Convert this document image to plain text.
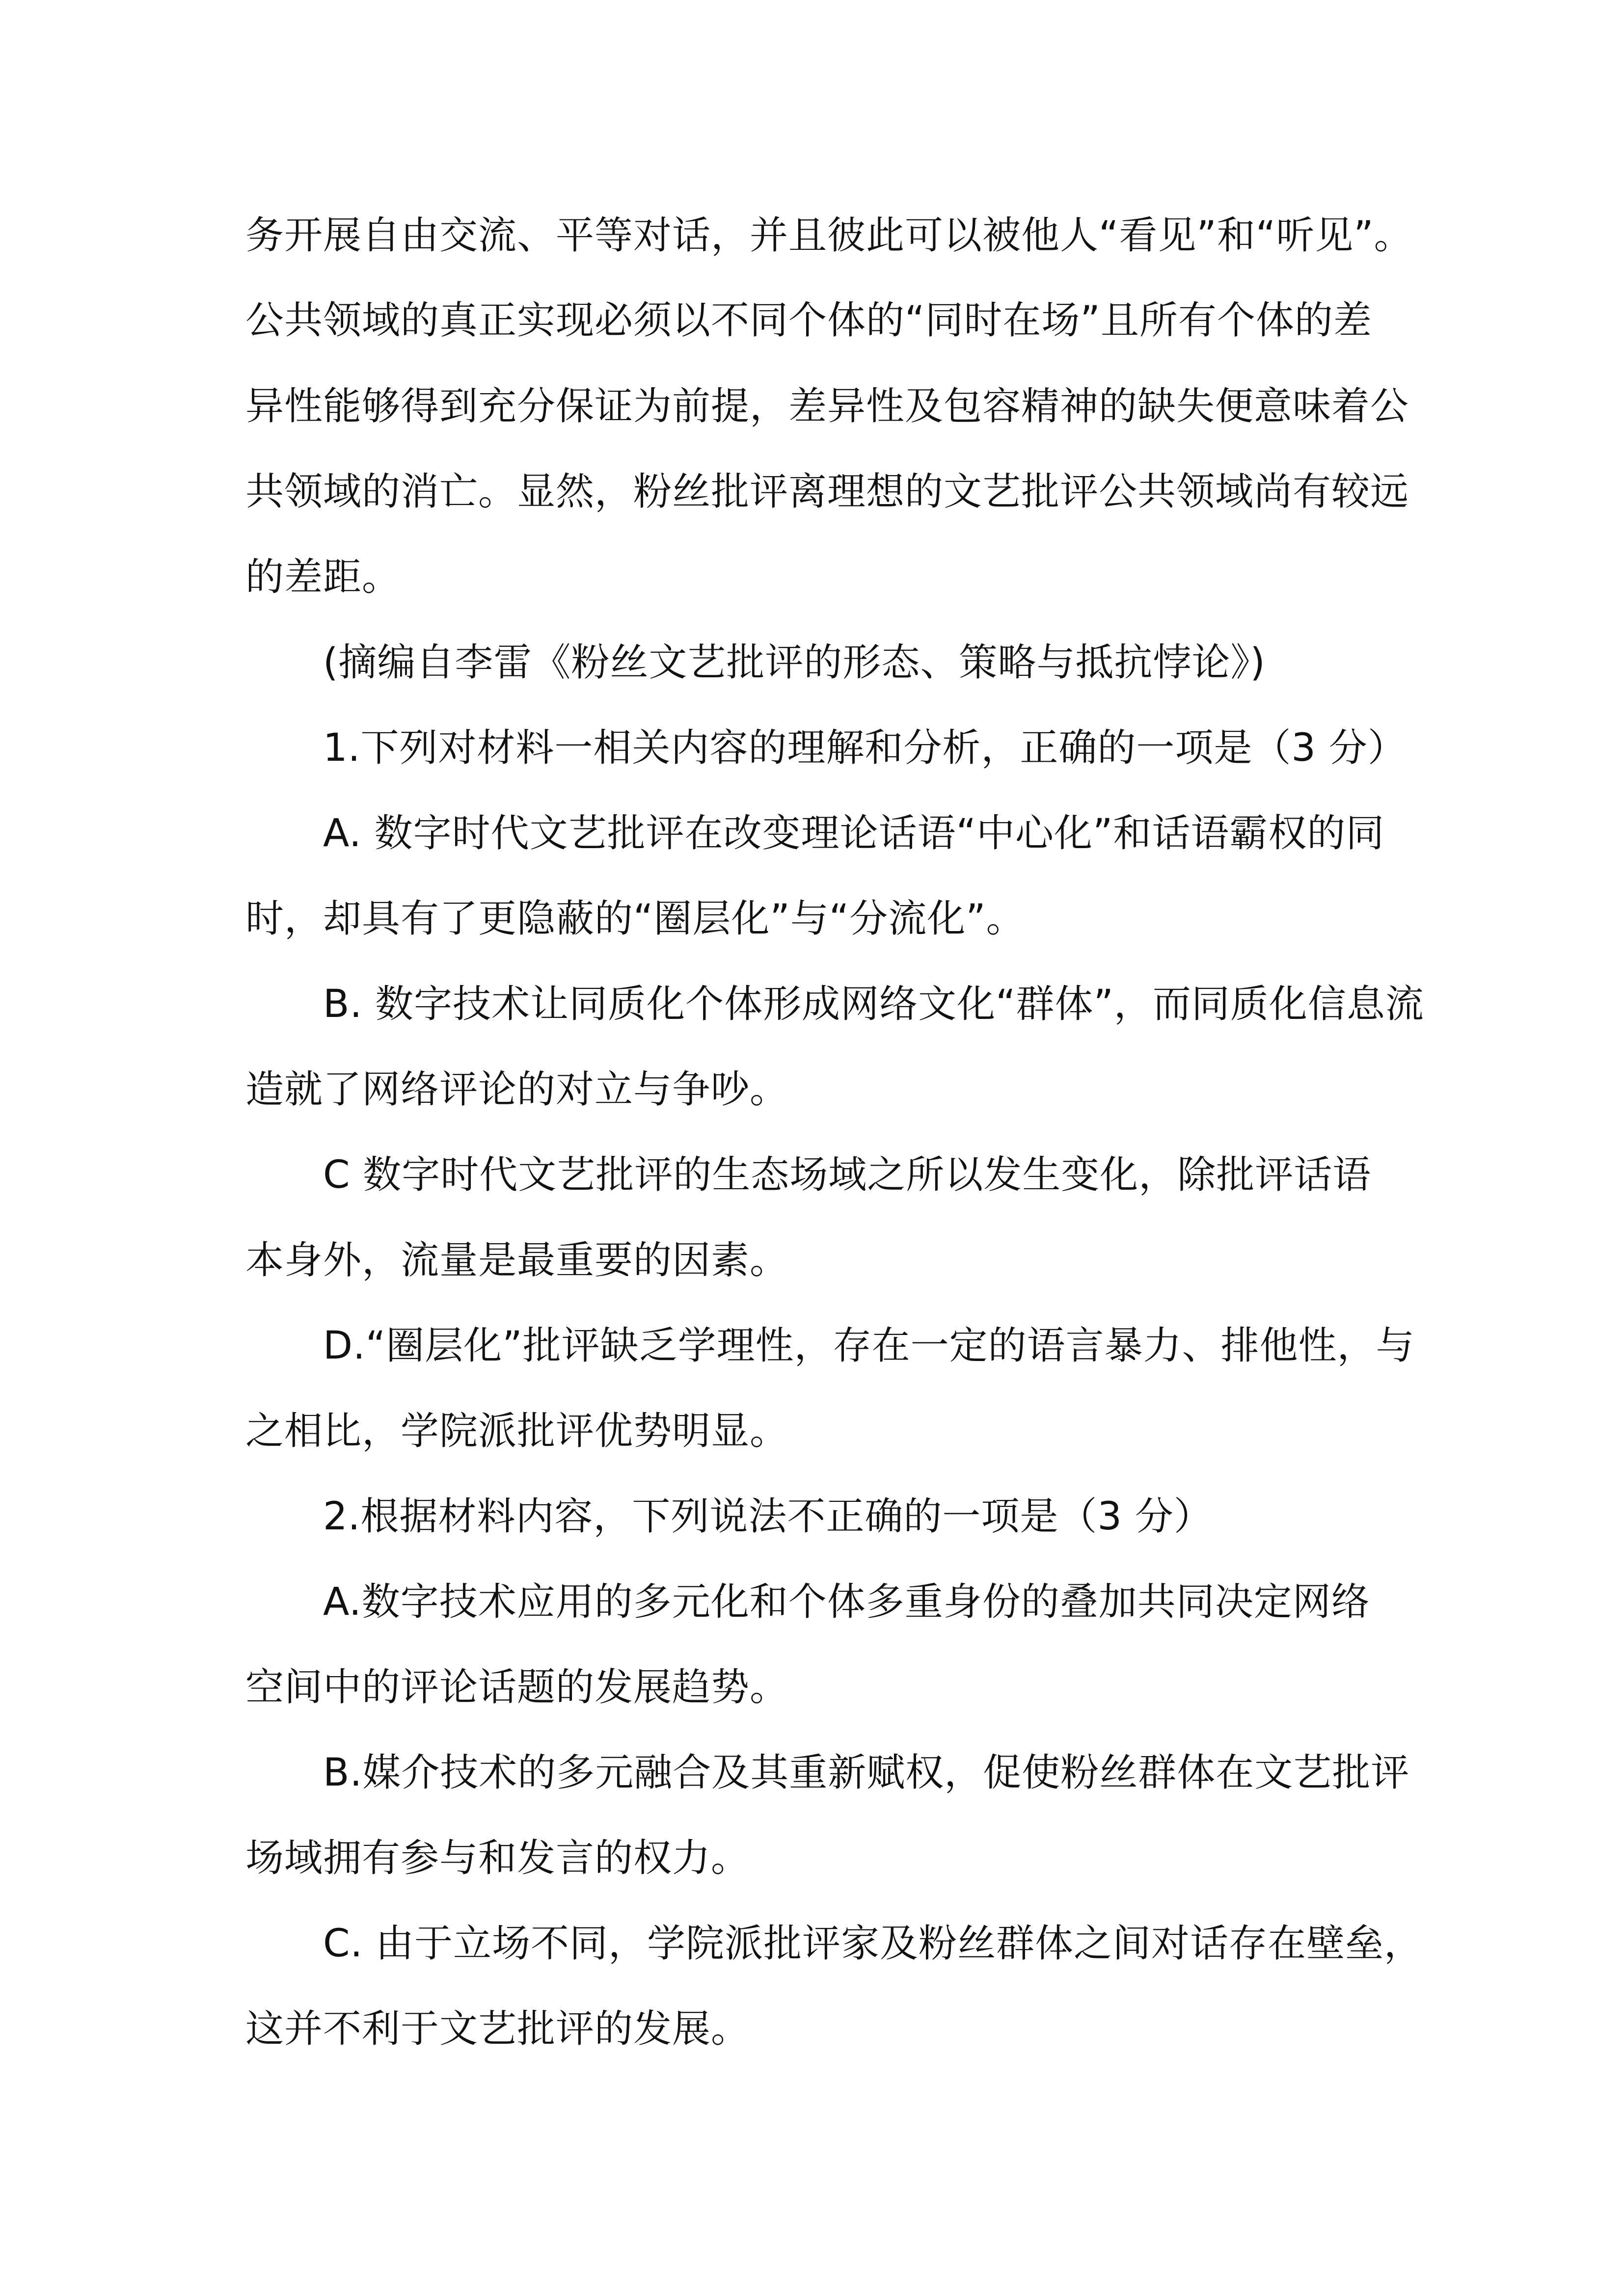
务开展自由交流、平等对话，并且彼此可以被他人“看见”和“听见”。
公共领域的真正实现必须以不同个体的“同时在场”且所有个体的差
异性能够得到充分保证为前提，差异性及包容精神的缺失便意味着公
共领域的消亡。显然，粉丝批评离理想的文艺批评公共领域尚有较远
的差距。
(摘编自李雷《粉丝文艺批评的形态、策略与抵抗悖论》)
1.下列对材料一相关内容的理解和分析，正确的一项是（3 分）
A. 数字时代文艺批评在改变理论话语“中心化”和话语霸权的同
时，却具有了更隐蔽的“圈层化”与“分流化”。
B. 数字技术让同质化个体形成网络文化“群体”，而同质化信息流
造就了网络评论的对立与争吵。
C 数字时代文艺批评的生态场域之所以发生变化，除批评话语
本身外，流量是最重要的因素。
D.“圈层化”批评缺乏学理性，存在一定的语言暴力、排他性，与
之相比，学院派批评优势明显。
2.根据材料内容，下列说法不正确的一项是（3 分）
A.数字技术应用的多元化和个体多重身份的叠加共同决定网络
空间中的评论话题的发展趋势。
B.媒介技术的多元融合及其重新赋权，促使粉丝群体在文艺批评
场域拥有参与和发言的权力。
C. 由于立场不同，学院派批评家及粉丝群体之间对话存在壁垒，
这并不利于文艺批评的发展。
